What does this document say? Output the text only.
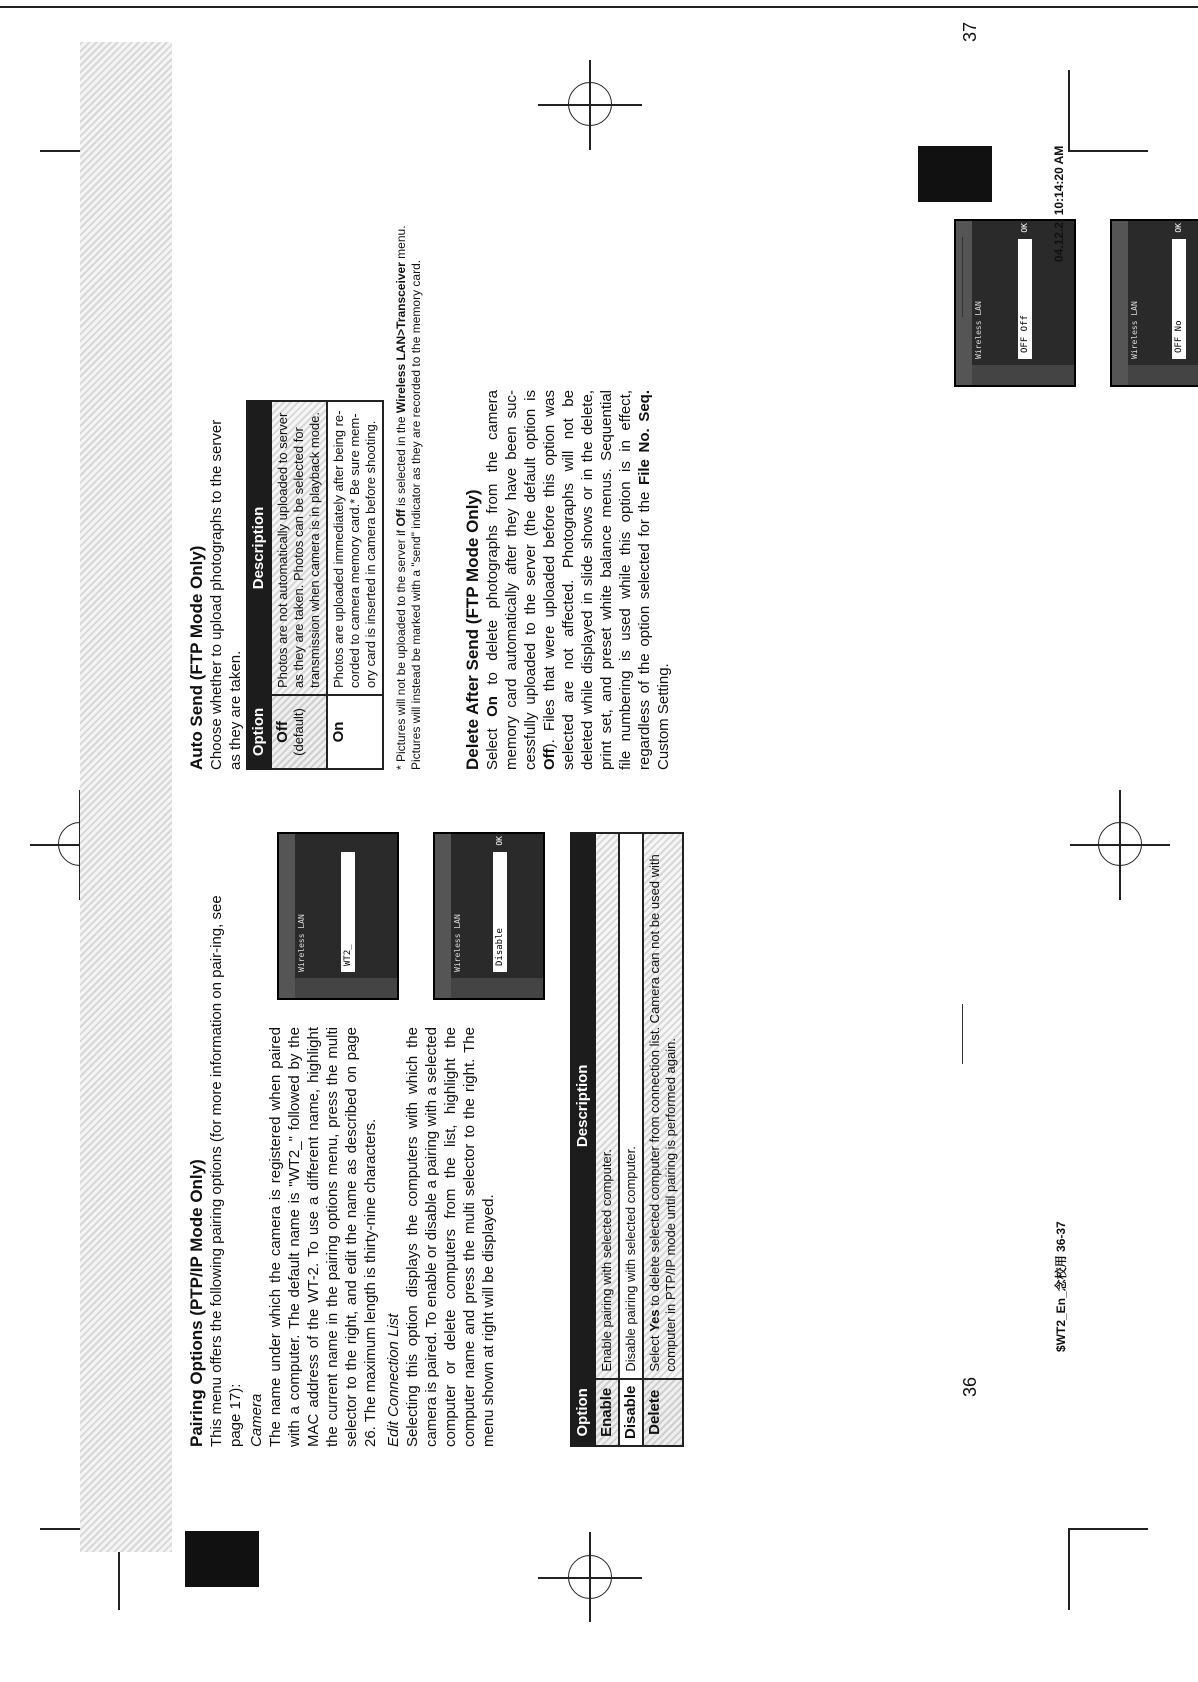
Pairing Options (PTP/IP Mode Only) This menu offers the following pairing options (for more information on pair-ing, see page 17): Camera The name under which the camera is registered when paired with a computer. The default name is "WT2_" followed by the MAC address of the WT-2. To use a different name, highlight the current name in the pairing options menu, press the multi selector to the right, and edit the name as described on page 26. The maximum length is thirty-nine characters. Edit Connection List Selecting this option displays the computers with which the camera is paired. To enable or disable a pairing with a selected computer or delete computers from the list, highlight the computer name and press the multi selector to the right. The menu shown at right will be displayed.

Wireless LAN	WT2_	Wireless LAN	Disable
OK
Option	Description
Enable	Enable pairing with selected computer.
Disable	Disable pairing with selected computer.
Delete	Select Yes to delete selected computer from connection list. Camera can not be used with computer in PTP/IP mode until pairing is performed again.
36
$WT2_En_念校用 36-37
Auto Send (FTP Mode Only) Choose whether to upload photographs to the server as they are taken. Option	Description

Off (default)	Photos are not automatically uploaded to server as they are taken. Photos can be selected for transmission when camera is in playback mode.
On	Photos are uploaded immediately after being re-corded to camera memory card.* Be sure mem-ory card is inserted in camera before shooting.
Wireless LAN	OFF Off
OK
* Pictures will not be uploaded to the server if Off is selected in the Wireless LAN>Transceiver menu. Pictures will instead be marked with a "send" indicator as they are recorded to the memory card. Delete After Send (FTP Mode Only) Select On to delete photographs from the camera memory card automatically after they have been suc-cessfully uploaded to the server (the default option is Off). Files that were uploaded before this option was selected are not affected. Photographs will not be deleted while displayed in slide shows or in the delete, print set, and preset white balance menus. Sequential file numbering is used while this option is in effect, regardless of the option selected for the File No. Seq. Custom Setting.

Wireless LAN	OFF No
OK
37
04.12.2, 10:14:20 AM
